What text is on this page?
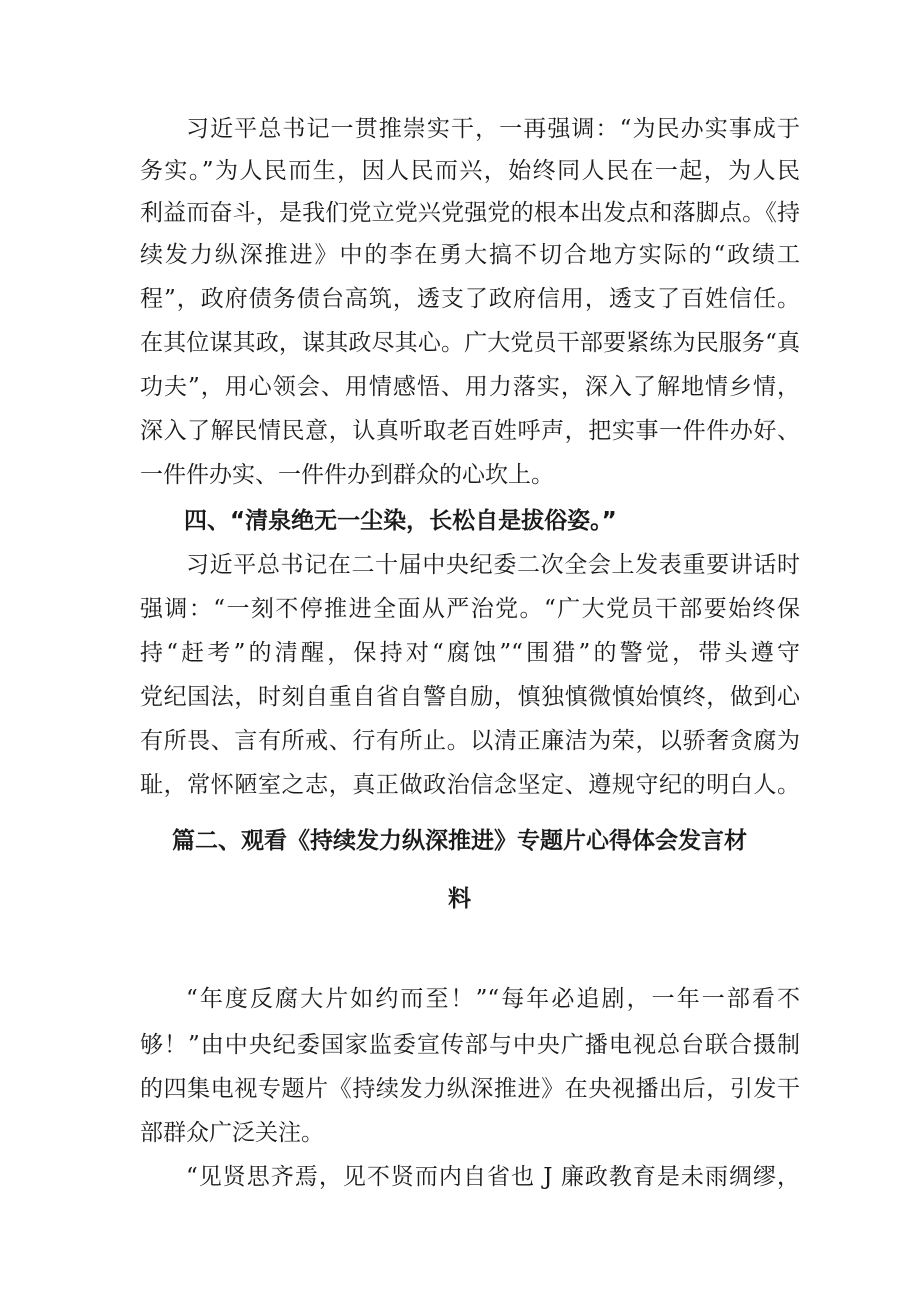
习近平总书记一贯推崇实干，一再强调：“为民办实事成于
务实。”为人民而生，因人民而兴，始终同人民在一起，为人民
利益而奋斗，是我们党立党兴党强党的根本出发点和落脚点。《持
续发力纵深推进》中的李在勇大搞不切合地方实际的“政绩工
程”，政府债务债台高筑，透支了政府信用，透支了百姓信任。
在其位谋其政，谋其政尽其心。广大党员干部要紧练为民服务“真
功夫”，用心领会、用情感悟、用力落实，深入了解地情乡情，
深入了解民情民意，认真听取老百姓呼声，把实事一件件办好、
一件件办实、一件件办到群众的心坎上。
四、“清泉绝无一尘染，长松自是拔俗姿。”
习近平总书记在二十届中央纪委二次全会上发表重要讲话时
强调：“一刻不停推进全面从严治党。“广大党员干部要始终保
持“赶考”的清醒，保持对“腐蚀”“围猎”的警觉，带头遵守
党纪国法，时刻自重自省自警自励，慎独慎微慎始慎终，做到心
有所畏、言有所戒、行有所止。以清正廉洁为荣，以骄奢贪腐为
耻，常怀陋室之志，真正做政治信念坚定、遵规守纪的明白人。
篇二、观看《持续发力纵深推进》专题片心得体会发言材
料
“年度反腐大片如约而至！”“每年必追剧，一年一部看不
够！”由中央纪委国家监委宣传部与中央广播电视总台联合摄制
的四集电视专题片《持续发力纵深推进》在央视播出后，引发干
部群众广泛关注。
“见贤思齐焉，见不贤而内自省也 J 廉政教育是未雨绸缪，
